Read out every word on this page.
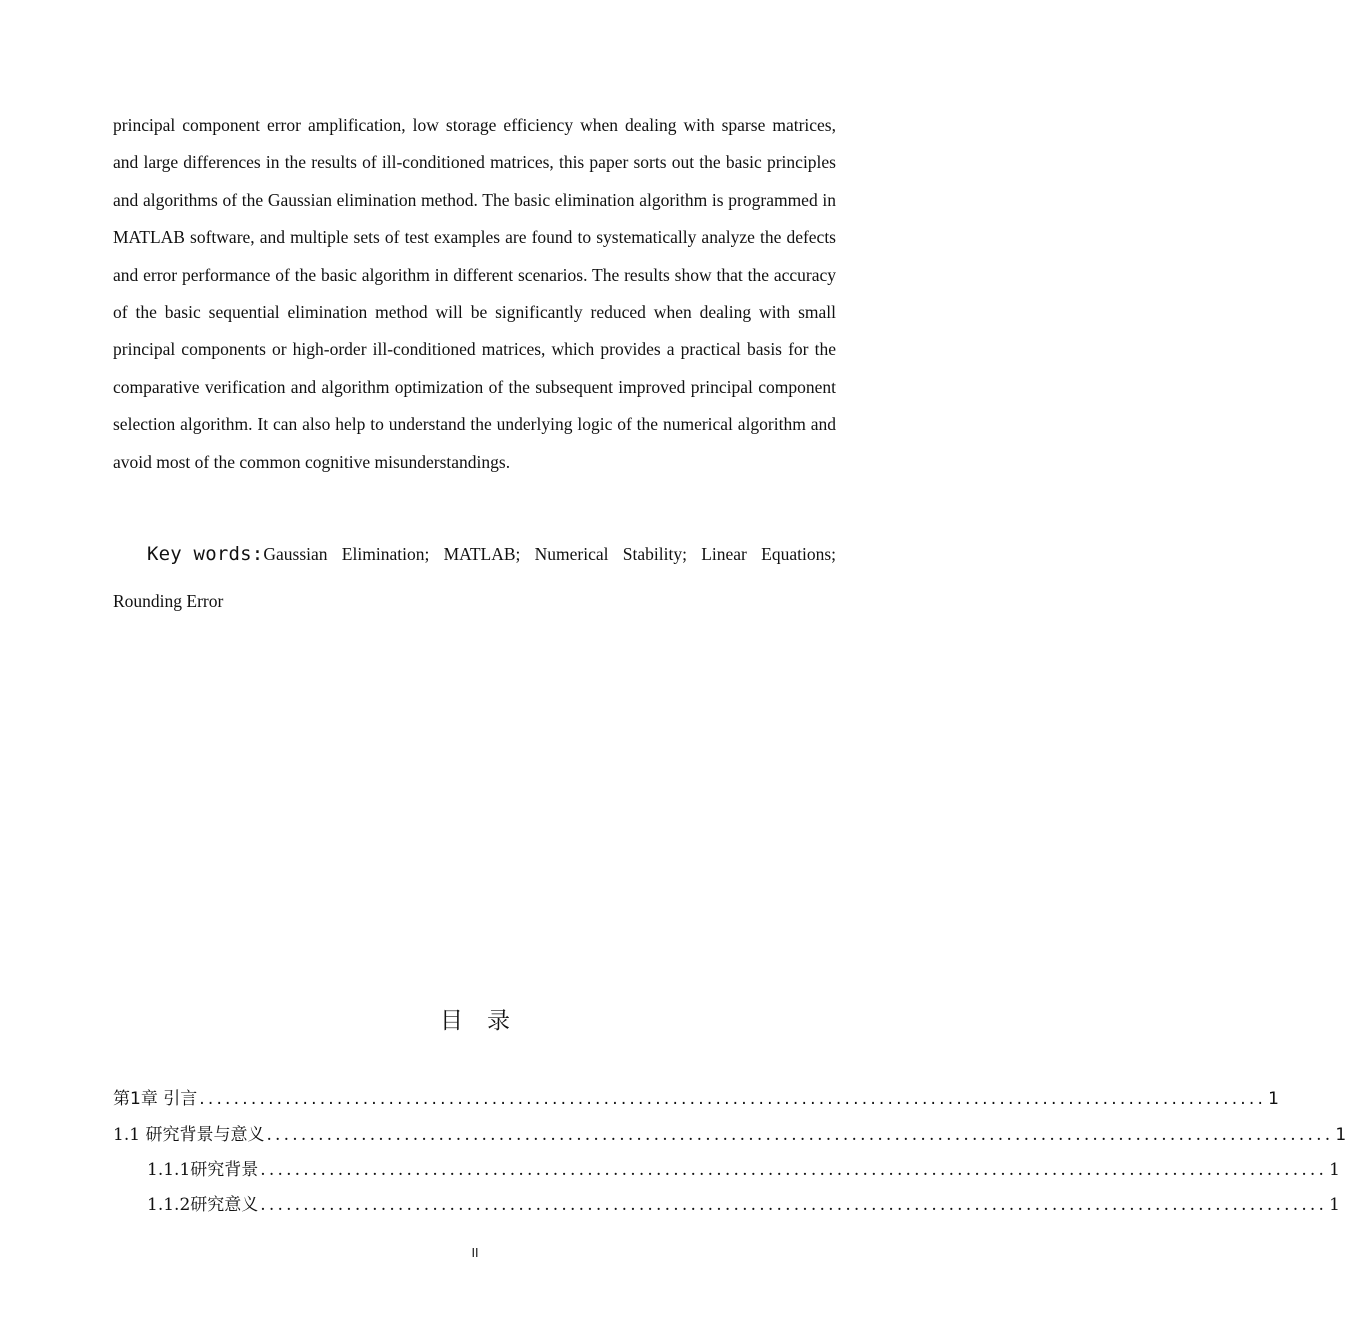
principal component error amplification, low storage efficiency when dealing with sparse matrices, and large differences in the results of ill-conditioned matrices, this paper sorts out the basic principles and algorithms of the Gaussian elimination method. The basic elimination algorithm is programmed in MATLAB software, and multiple sets of test examples are found to systematically analyze the defects and error performance of the basic algorithm in different scenarios. The results show that the accuracy of the basic sequential elimination method will be significantly reduced when dealing with small principal components or high-order ill-conditioned matrices, which provides a practical basis for the comparative verification and algorithm optimization of the subsequent improved principal component selection algorithm. It can also help to understand the underlying logic of the numerical algorithm and avoid most of the common cognitive misunderstandings.

Key words:Gaussian Elimination; MATLAB; Numerical Stability; Linear Equations; Rounding Error

目录
第1章 引言 ............................................................................................................................ 1
1.1 研究背景与意义 ............................................................................................................................ 1
1.1.1研究背景 ............................................................................................................................ 1
1.1.2研究意义 ............................................................................................................................ 1
II
